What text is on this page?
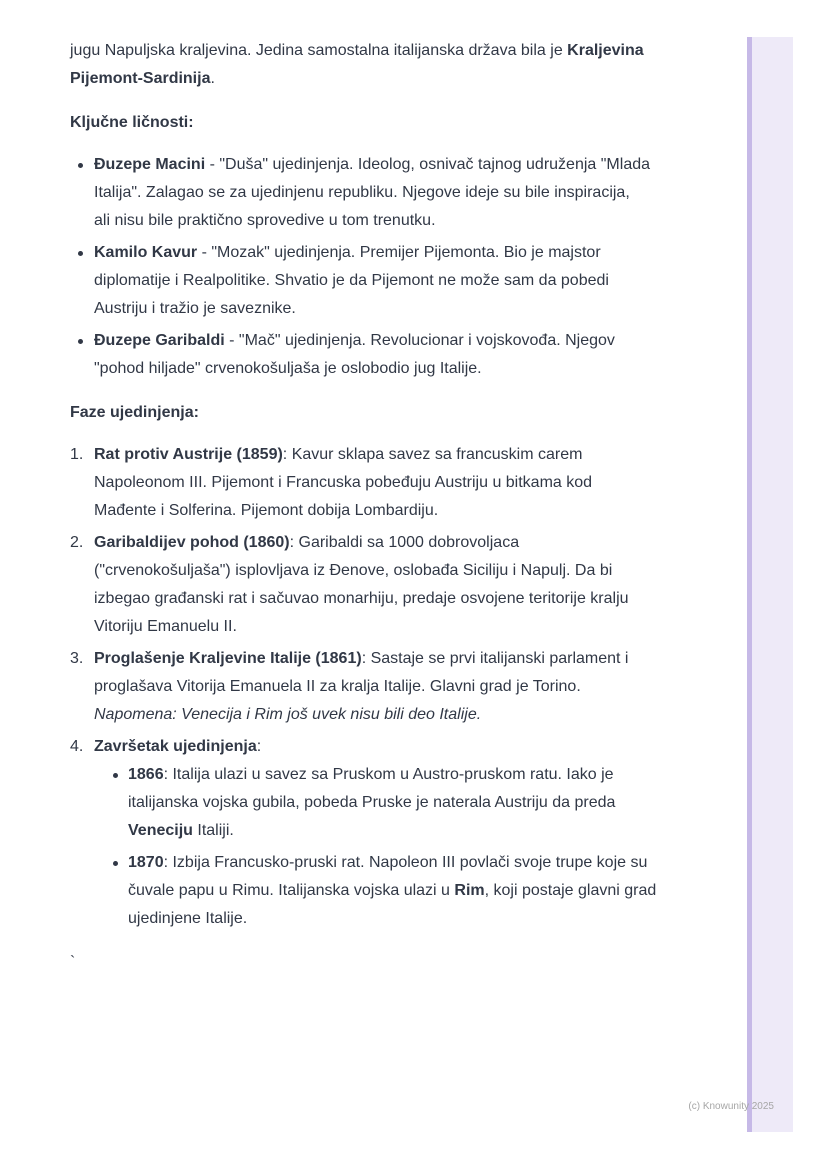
jugu Napuljska kraljevina. Jedina samostalna italijanska država bila je Kraljevina
Pijemont-Sardinija.
Ključne ličnosti:
Đuzepe Macini - "Duša" ujedinjenja. Ideolog, osnivač tajnog udruženja "Mlada
Italija". Zalagao se za ujedinjenu republiku. Njegove ideje su bile inspiracija,
ali nisu bile praktično sprovedive u tom trenutku.
Kamilo Kavur - "Mozak" ujedinjenja. Premijer Pijemonta. Bio je majstor
diplomatije i Realpolitike. Shvatio je da Pijemont ne može sam da pobedi
Austriju i tražio je saveznike.
Đuzepe Garibaldi - "Mač" ujedinjenja. Revolucionar i vojskovođa. Njegov
"pohod hiljade" crvenokošuljaša je oslobodio jug Italije.
Faze ujedinjenja:
1. Rat protiv Austrije (1859): Kavur sklapa savez sa francuskim carem
Napoleonom III. Pijemont i Francuska pobeđuju Austriju u bitkama kod
Mađente i Solferina. Pijemont dobija Lombardiju.
2. Garibaldijev pohod (1860): Garibaldi sa 1000 dobrovoljaca
("crvenokošuljaša") isplovljava iz Đenove, oslobađa Siciliju i Napulj. Da bi
izbegao građanski rat i sačuvao monarhiju, predaje osvojene teritorije kralju
Vitoriju Emanuelu II.
3. Proglašenje Kraljevine Italije (1861): Sastaje se prvi italijanski parlament i
proglašava Vitorija Emanuela II za kralja Italije. Glavni grad je Torino.
Napomena: Venecija i Rim još uvek nisu bili deo Italije.
4. Završetak ujedinjenja:
1866: Italija ulazi u savez sa Pruskom u Austro-pruskom ratu. Iako je
italijanska vojska gubila, pobeda Pruske je naterala Austriju da preda
Veneciju Italiji.
1870: Izbija Francusko-pruski rat. Napoleon III povlači svoje trupe koje su
čuvale papu u Rimu. Italijanska vojska ulazi u Rim, koji postaje glavni grad
ujedinjene Italije.
`
(c) Knowunity 2025
